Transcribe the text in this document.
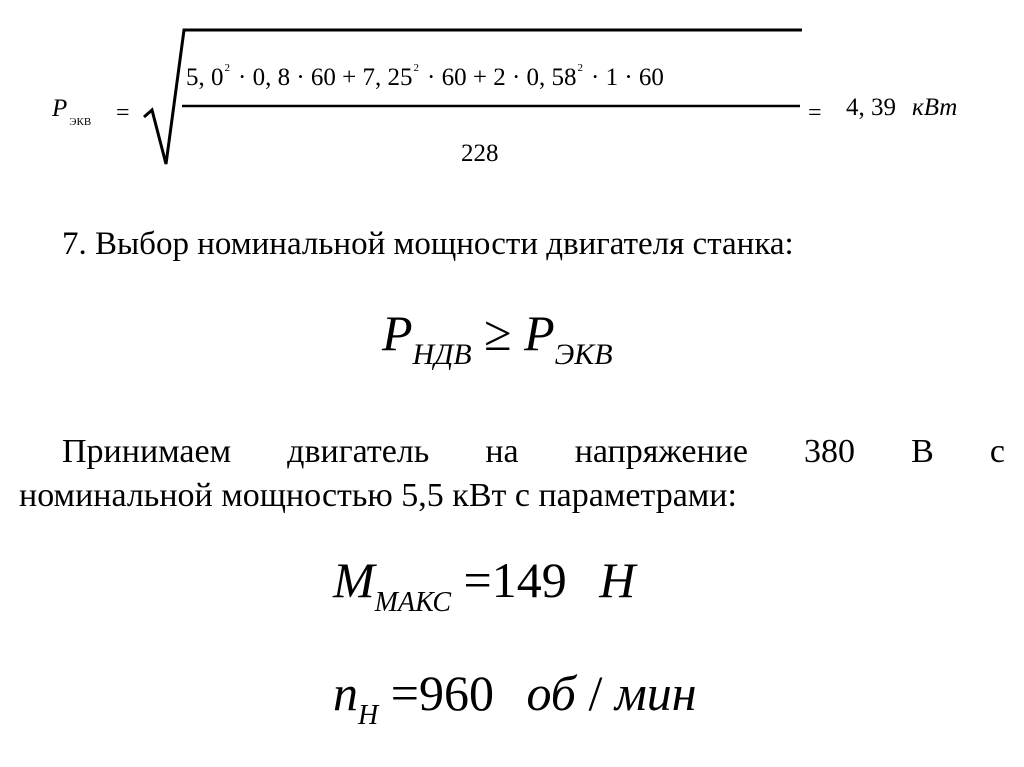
P $_{ЭКВ}$ =
5, $0^2 \cdot 0$, 8 · 60 + 7, $25^2 \cdot 60 + 2 \cdot 0$, $58^2 \cdot 1 \cdot 60$
228
= 4, 39 кВт
7. Выбор номинальной мощности двигателя станка:
$P_{НДВ} \ge P_{ЭКВ}$
Принимаем двигатель на напряжение 380 В с
номинальной мощностью 5,5 кВт с параметрами:
$M_{МАКС} =149$ Н
$n_Н =960$ об / мин
